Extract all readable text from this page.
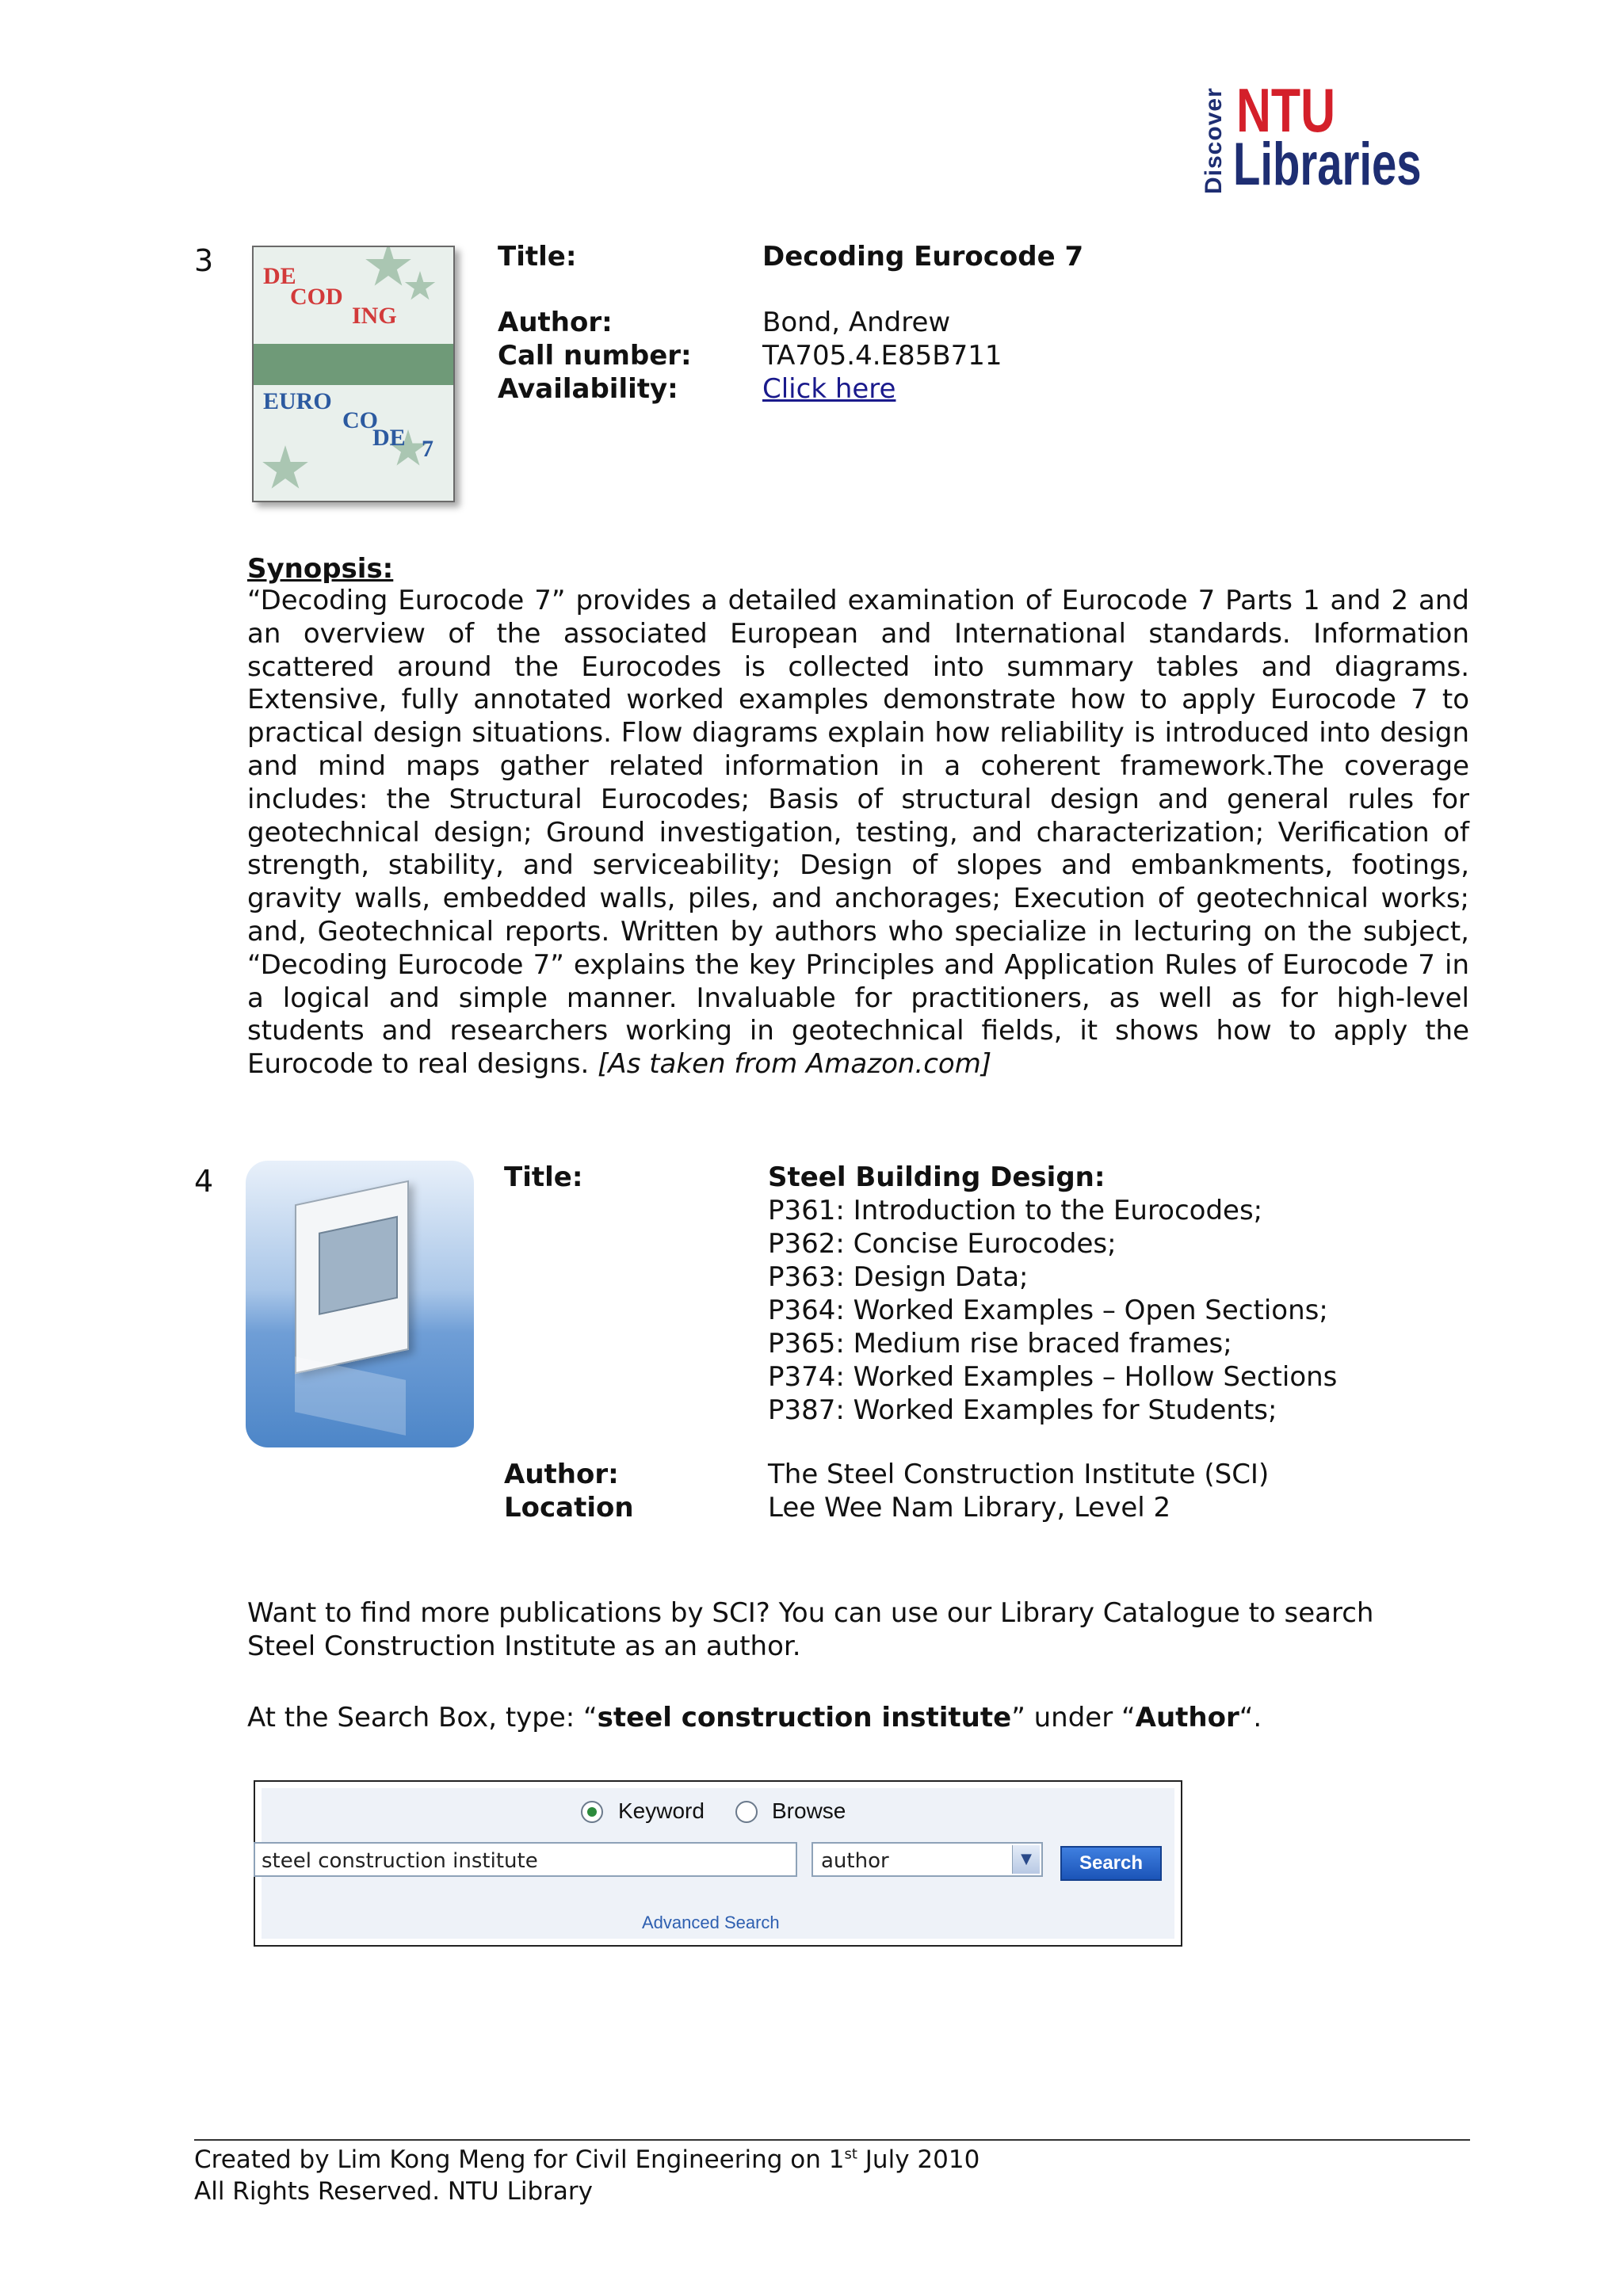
Discover NTU
Libraries
3 DE
COD
ING
EURO
CO
DE 7
Title:	Decoding Eurocode 7
Author:	Bond, Andrew
Call number:	TA705.4.E85B711
Availability:	Click here
Synopsis:
“Decoding Eurocode 7” provides a detailed examination of Eurocode 7 Parts 1 and 2 and an overview of the associated European and International standards. Information scattered around the Eurocodes is collected into summary tables and diagrams. Extensive, fully annotated worked examples demonstrate how to apply Eurocode 7 to practical design situations. Flow diagrams explain how reliability is introduced into design and mind maps gather related information in a coherent framework.The coverage includes: the Structural Eurocodes; Basis of structural design and general rules for geotechnical design; Ground investigation, testing, and characterization; Verification of strength, stability, and serviceability; Design of slopes and embankments, footings, gravity walls, embedded walls, piles, and anchorages; Execution of geotechnical works; and, Geotechnical reports. Written by authors who specialize in lecturing on the subject, “Decoding Eurocode 7” explains the key Principles and Application Rules of Eurocode 7 in a logical and simple manner. Invaluable for practitioners, as well as for high-level students and researchers working in geotechnical fields, it shows how to apply the Eurocode to real designs. [As taken from Amazon.com]
4	Title:	Steel Building Design:
P361: Introduction to the Eurocodes;
P362: Concise Eurocodes;
P363: Design Data;
P364: Worked Examples – Open Sections;
P365: Medium rise braced frames;
P374: Worked Examples – Hollow Sections
P387: Worked Examples for Students;
Author:	The Steel Construction Institute (SCI)
Location	Lee Wee Nam Library, Level 2
Want to find more publications by SCI? You can use our Library Catalogue to search
Steel Construction Institute as an author.
At the Search Box, type: “steel construction institute” under “Author“.
Keyword	Browse
steel construction institute	author	▼	Search
Advanced Search
Created by Lim Kong Meng for Civil Engineering on 1st July 2010
All Rights Reserved. NTU Library
